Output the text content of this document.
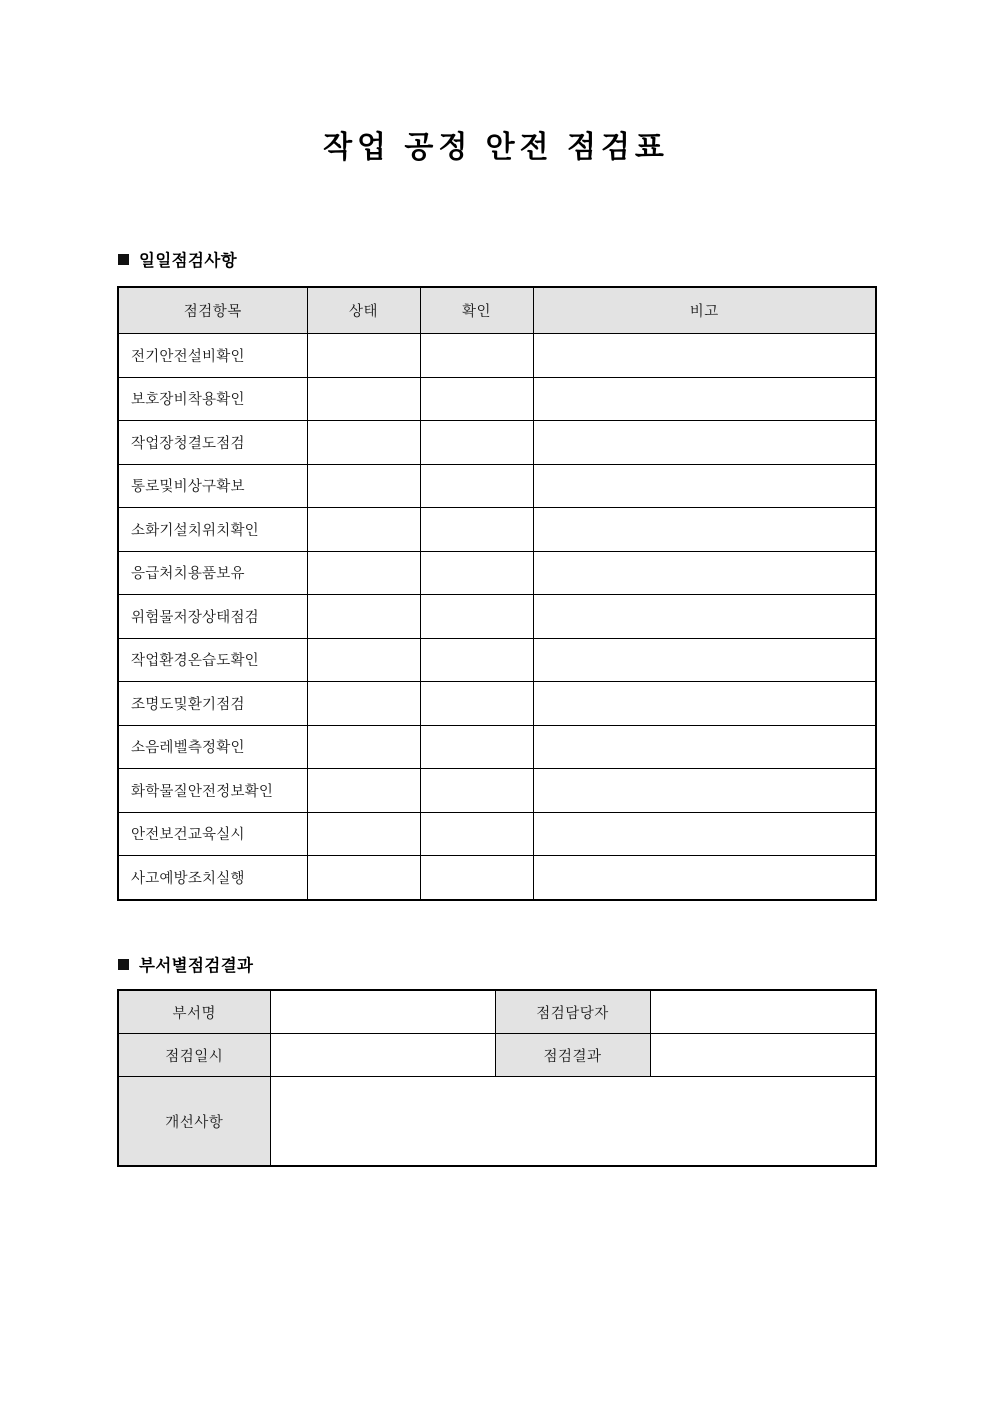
작업 공정 안전 점검표
일일점검사항
점검항목	상태	확인	비고
전기안전설비확인			
보호장비착용확인			
작업장청결도점검			
통로및비상구확보			
소화기설치위치확인			
응급처치용품보유			
위험물저장상태점검			
작업환경온습도확인			
조명도및환기점검			
소음레벨측정확인			
화학물질안전정보확인			
안전보건교육실시			
사고예방조치실행			
부서별점검결과
부서명		점검담당자	
점검일시		점검결과	
개선사항			
